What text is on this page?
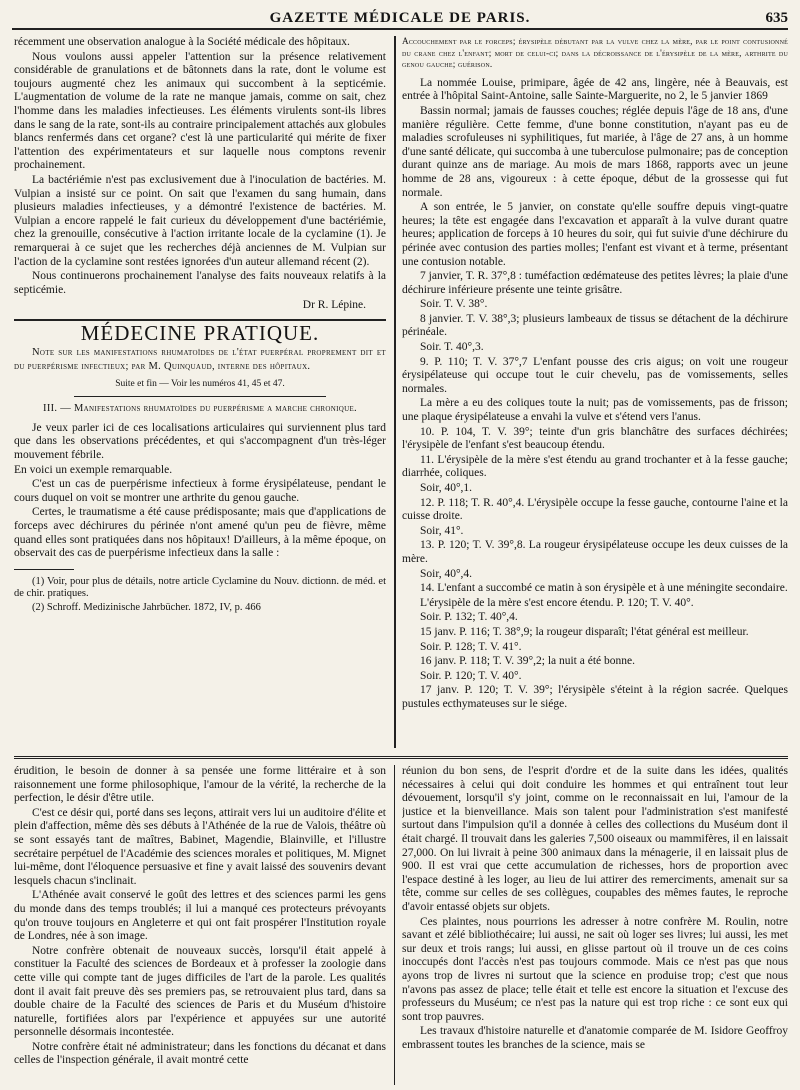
GAZETTE MÉDICALE DE PARIS.	635

récemment une observation analogue à la Société médicale des hôpitaux.

Nous voulons aussi appeler l'attention sur la présence relativement considérable de granulations et de bâtonnets dans la rate, dont le volume est toujours augmenté chez les animaux qui succombent à la septicémie. L'augmentation de volume de la rate ne manque jamais, comme on sait, chez l'homme dans les maladies infectieuses. Les éléments virulents sont-ils libres dans le sang de la rate, sont-ils au contraire principalement attachés aux globules blancs renfermés dans cet organe? c'est là une particularité qui mérite de fixer l'attention des expérimentateurs et sur laquelle nous comptons revenir prochainement.

La bactériémie n'est pas exclusivement due à l'inoculation de bactéries. M. Vulpian a insisté sur ce point. On sait que l'examen du sang humain, dans plusieurs maladies infectieuses, y a démontré l'existence de bactéries. M. Vulpian a encore rappelé le fait curieux du développement d'une bactériémie, chez la grenouille, consécutive à l'action irritante locale de la cyclamine (1). Je remarquerai à ce sujet que les recherches déjà anciennes de M. Vulpian sur l'action de la cyclamine sont restées ignorées d'un auteur allemand récent (2).

Nous continuerons prochainement l'analyse des faits nouveaux relatifs à la septicémie.

Dr R. Lépine.
MÉDECINE PRATIQUE.

Note sur les manifestations rhumatoïdes de l'état puerpéral proprement dit et du puerpérisme infectieux; par M. Quinquaud, interne des hôpitaux.

Suite et fin — Voir les numéros 41, 45 et 47.
III. — Manifestations rhumatoïdes du puerpérisme a marche chronique.

Je veux parler ici de ces localisations articulaires qui surviennent plus tard que dans les observations précédentes, et qui s'accompagnent d'un très-léger mouvement fébrile.

En voici un exemple remarquable.

C'est un cas de puerpérisme infectieux à forme érysipélateuse, pendant le cours duquel on voit se montrer une arthrite du genou gauche.

Certes, le traumatisme a été cause prédisposante; mais que d'applications de forceps avec déchirures du périnée n'ont amené qu'un peu de fièvre, même quand elles sont pratiquées dans nos hôpitaux! D'ailleurs, à la même époque, on observait des cas de puerpérisme infectieux dans la salle :

(1) Voir, pour plus de détails, notre article Cyclamine du Nouv. dictionn. de méd. et de chir. pratiques.

(2) Schroff. Medizinische Jahrbücher. 1872, IV, p. 466

Accouchement par le forceps; érysipèle débutant par la vulve chez la mère, par le point contusionné du crane chez l'enfant; mort de celui-ci; dans la décroissance de l'érysipèle de la mère, arthrite du genou gauche; guérison.

La nommée Louise, primipare, âgée de 42 ans, lingère, née à Beauvais, est entrée à l'hôpital Saint-Antoine, salle Sainte-Marguerite, no 2, le 5 janvier 1869

Bassin normal; jamais de fausses couches; réglée depuis l'âge de 18 ans, d'une manière régulière. Cette femme, d'une bonne constitution, n'ayant pas eu de maladies scrofuleuses ni syphilitiques, fut mariée, à l'âge de 27 ans, à un homme d'une santé délicate, qui succomba à une tuberculose pulmonaire; pas de conception durant quinze ans de mariage. Au mois de mars 1868, rapports avec un jeune homme de 28 ans, vigoureux : à cette époque, début de la grossesse qui fut normale.

A son entrée, le 5 janvier, on constate qu'elle souffre depuis vingt-quatre heures; la tête est engagée dans l'excavation et apparaît à la vulve durant quatre heures; application de forceps à 10 heures du soir, qui fut suivie d'une déchirure du périnée avec contusion des parties molles; l'enfant est vivant et à terme, présentant une contusion notable.

7 janvier, T. R. 37°,8 : tuméfaction œdémateuse des petites lèvres; la plaie d'une déchirure inférieure présente une teinte grisâtre.

Soir. T. V. 38°.

8 janvier. T. V. 38°,3; plusieurs lambeaux de tissus se détachent de la déchirure périnéale.

Soir. T. 40°,3.

9. P. 110; T. V. 37°,7 L'enfant pousse des cris aigus; on voit une rougeur érysipélateuse qui occupe tout le cuir chevelu, pas de vomissements, selles normales.

La mère a eu des coliques toute la nuit; pas de vomissements, pas de frisson; une plaque érysipélateuse a envahi la vulve et s'étend vers l'anus.

10. P. 104, T. V. 39°; teinte d'un gris blanchâtre des surfaces déchirées; l'érysipèle de l'enfant s'est beaucoup étendu.

11. L'érysipèle de la mère s'est étendu au grand trochanter et à la fesse gauche; diarrhée, coliques.

Soir, 40°,1.

12. P. 118; T. R. 40°,4. L'érysipèle occupe la fesse gauche, contourne l'aine et la cuisse droite.

Soir, 41°.

13. P. 120; T. V. 39°,8. La rougeur érysipélateuse occupe les deux cuisses de la mère.

Soir, 40°,4.

14. L'enfant a succombé ce matin à son érysipèle et à une méningite secondaire.

L'érysipèle de la mère s'est encore étendu. P. 120; T. V. 40°.

Soir. P. 132; T. 40°,4.

15 janv. P. 116; T. 38°,9; la rougeur disparaît; l'état général est meilleur.

Soir. P. 128; T. V. 41°.

16 janv. P. 118; T. V. 39°,2; la nuit a été bonne.

Soir. P. 120; T. V. 40°.

17 janv. P. 120; T. V. 39°; l'érysipèle s'éteint à la région sacrée. Quelques pustules ecthymateuses sur le siége.

érudition, le besoin de donner à sa pensée une forme littéraire et à son raisonnement une forme philosophique, l'amour de la vérité, la recherche de la perfection, le désir d'être utile.

C'est ce désir qui, porté dans ses leçons, attirait vers lui un auditoire d'élite et plein d'affection, même dès ses débuts à l'Athénée de la rue de Valois, théâtre où se sont essayés tant de maîtres, Babinet, Magendie, Blainville, et l'illustre secrétaire perpétuel de l'Académie des sciences morales et politiques, M. Mignet lui-même, dont l'éloquence persuasive et fine y avait laissé des souvenirs devant lesquels chacun s'inclinait.

L'Athénée avait conservé le goût des lettres et des sciences parmi les gens du monde dans des temps troublés; il lui a manqué ces protecteurs prévoyants qu'on trouve toujours en Angleterre et qui ont fait prospérer l'Institution royale de Londres, née à son image.

Notre confrère obtenait de nouveaux succès, lorsqu'il était appelé à constituer la Faculté des sciences de Bordeaux et à professer la zoologie dans cette ville qui compte tant de juges difficiles de l'art de la parole. Les qualités dont il avait fait preuve dès ses premiers pas, se retrouvaient plus tard, dans sa double chaire de la Faculté des sciences de Paris et du Muséum d'histoire naturelle, fortifiées alors par l'expérience et appuyées sur une autorité personnelle désormais incontestée.

Notre confrère était né administrateur; dans les fonctions du décanat et dans celles de l'inspection générale, il avait montré cette

réunion du bon sens, de l'esprit d'ordre et de la suite dans les idées, qualités nécessaires à celui qui doit conduire les hommes et qui entraînent tout leur dévouement, lorsqu'il s'y joint, comme on le reconnaissait en lui, l'amour de la justice et la bienveillance. Mais son talent pour l'administration s'est manifesté surtout dans l'impulsion qu'il a donnée à celles des collections du Muséum dont il était chargé. Il trouvait dans les galeries 7,500 oiseaux ou mammifères, il en laissait 27,000. On lui livrait à peine 300 animaux dans la ménagerie, il en laissait plus de 900. Il est vrai que cette accumulation de richesses, hors de proportion avec l'espace destiné à les loger, au lieu de lui attirer des remerciments, amenait sur sa tête, comme sur celles de ses collègues, coupables des mêmes fautes, le reproche d'avoir entassé objets sur objets.

Ces plaintes, nous pourrions les adresser à notre confrère M. Roulin, notre savant et zélé bibliothécaire; lui aussi, ne sait où loger ses livres; lui aussi, les met sur deux et trois rangs; lui aussi, en glisse partout où il trouve un de ces coins inoccupés dont l'accès n'est pas toujours commode. Mais ce n'est pas que nous ayons trop de livres ni surtout que la science en produise trop; c'est que nous n'avons pas assez de place; telle était et telle est encore la situation et l'excuse des professeurs du Muséum; ce n'est pas la nature qui est trop riche : ce sont eux qui sont trop pauvres.

Les travaux d'histoire naturelle et d'anatomie comparée de M. Isidore Geoffroy embrassent toutes les branches de la science, mais se
